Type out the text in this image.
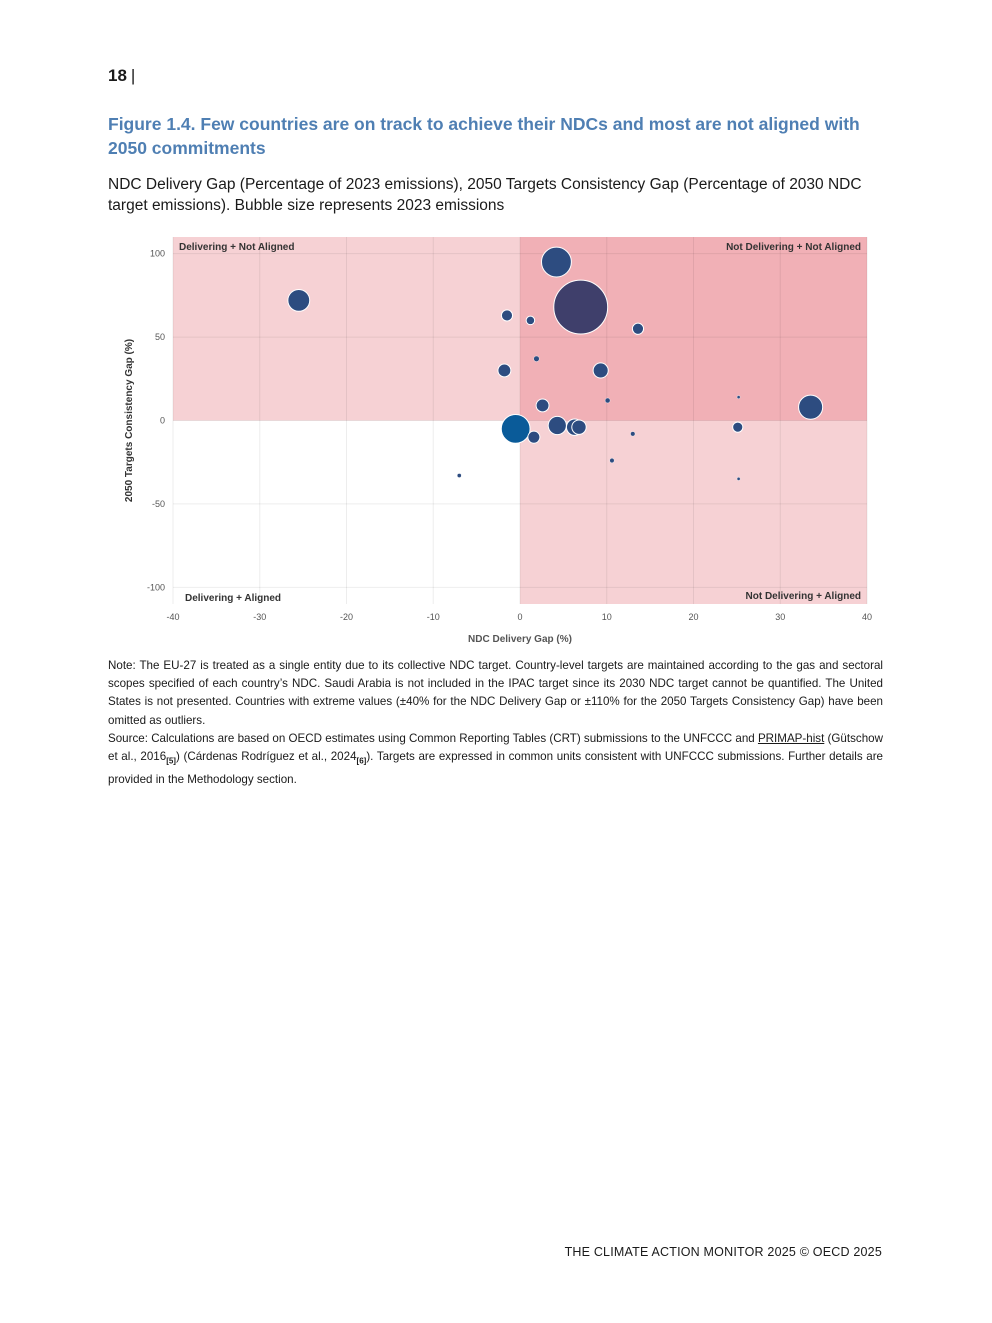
18 |
Figure 1.4. Few countries are on track to achieve their NDCs and most are not aligned with 2050 commitments

NDC Delivery Gap (Percentage of 2023 emissions), 2050 Targets Consistency Gap (Percentage of 2030 NDC target emissions). Bubble size represents 2023 emissions

-40	-30	-20	-10	0	10	20	30	40
-100
-50
0
50
100
NDC Delivery Gap (%)
2050 Targets Consistency Gap (%)
Delivering + Not Aligned	Not Delivering + Not Aligned
Delivering + Aligned	Not Delivering + Aligned

Note: The EU-27 is treated as a single entity due to its collective NDC target. Country-level targets are maintained according to the gas and sectoral scopes specified of each country’s NDC. Saudi Arabia is not included in the IPAC target since its 2030 NDC target cannot be quantified. The United States is not presented. Countries with extreme values (±40% for the NDC Delivery Gap or ±110% for the 2050 Targets Consistency Gap) have been omitted as outliers.

Source: Calculations are based on OECD estimates using Common Reporting Tables (CRT) submissions to the UNFCCC and PRIMAP-hist (Gütschow et al., $2016_{[5]}$) (Cárdenas Rodríguez et al., $2024_{[6]}$). Targets are expressed in common units consistent with UNFCCC submissions. Further details are provided in the Methodology section.

THE CLIMATE ACTION MONITOR 2025 © OECD 2025
